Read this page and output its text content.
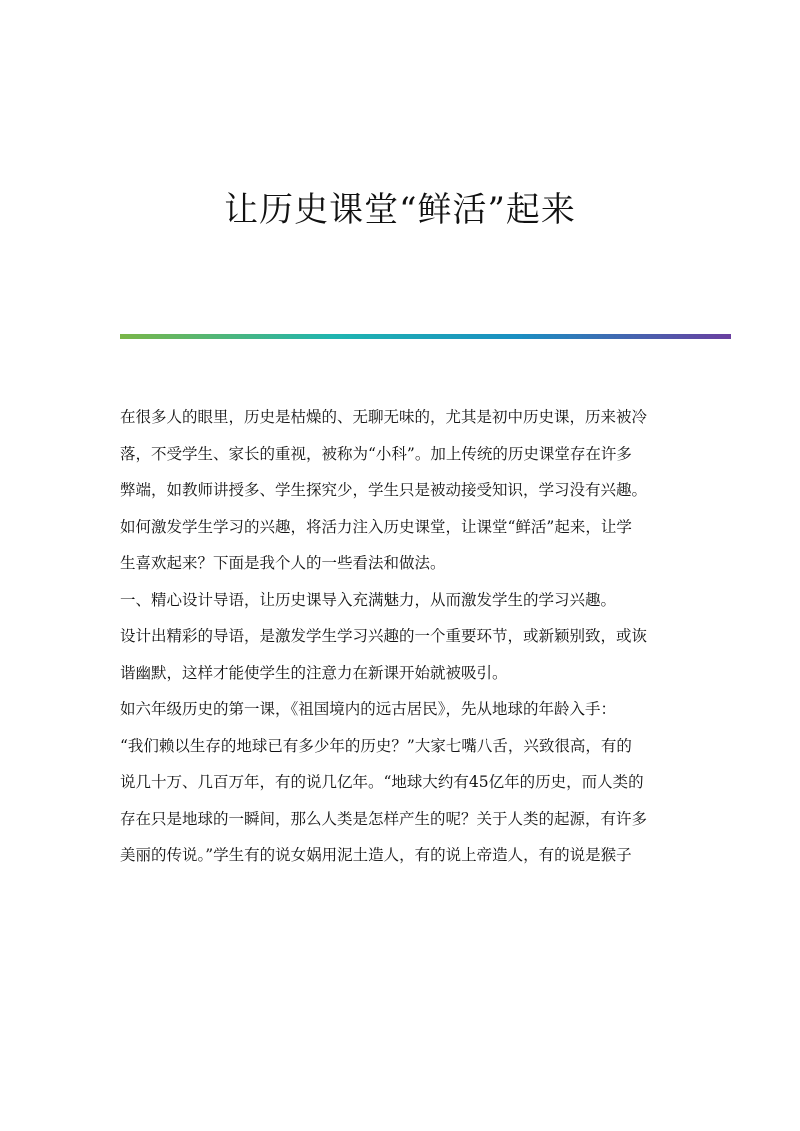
让历史课堂“鲜活”起来
在很多人的眼里，历史是枯燥的、无聊无味的，尤其是初中历史课，历来被冷
落，不受学生、家长的重视，被称为“小科”。加上传统的历史课堂存在许多
弊端，如教师讲授多、学生探究少，学生只是被动接受知识，学习没有兴趣。
如何激发学生学习的兴趣，将活力注入历史课堂，让课堂“鲜活”起来，让学
生喜欢起来？下面是我个人的一些看法和做法。
一、精心设计导语，让历史课导入充满魅力，从而激发学生的学习兴趣。
设计出精彩的导语，是激发学生学习兴趣的一个重要环节，或新颖别致，或诙
谐幽默，这样才能使学生的注意力在新课开始就被吸引。
如六年级历史的第一课，《祖国境内的远古居民》，先从地球的年龄入手：
“我们赖以生存的地球已有多少年的历史？”大家七嘴八舌，兴致很高，有的
说几十万、几百万年，有的说几亿年。“地球大约有45亿年的历史，而人类的
存在只是地球的一瞬间，那么人类是怎样产生的呢？关于人类的起源，有许多
美丽的传说。”学生有的说女娲用泥土造人，有的说上帝造人，有的说是猴子
